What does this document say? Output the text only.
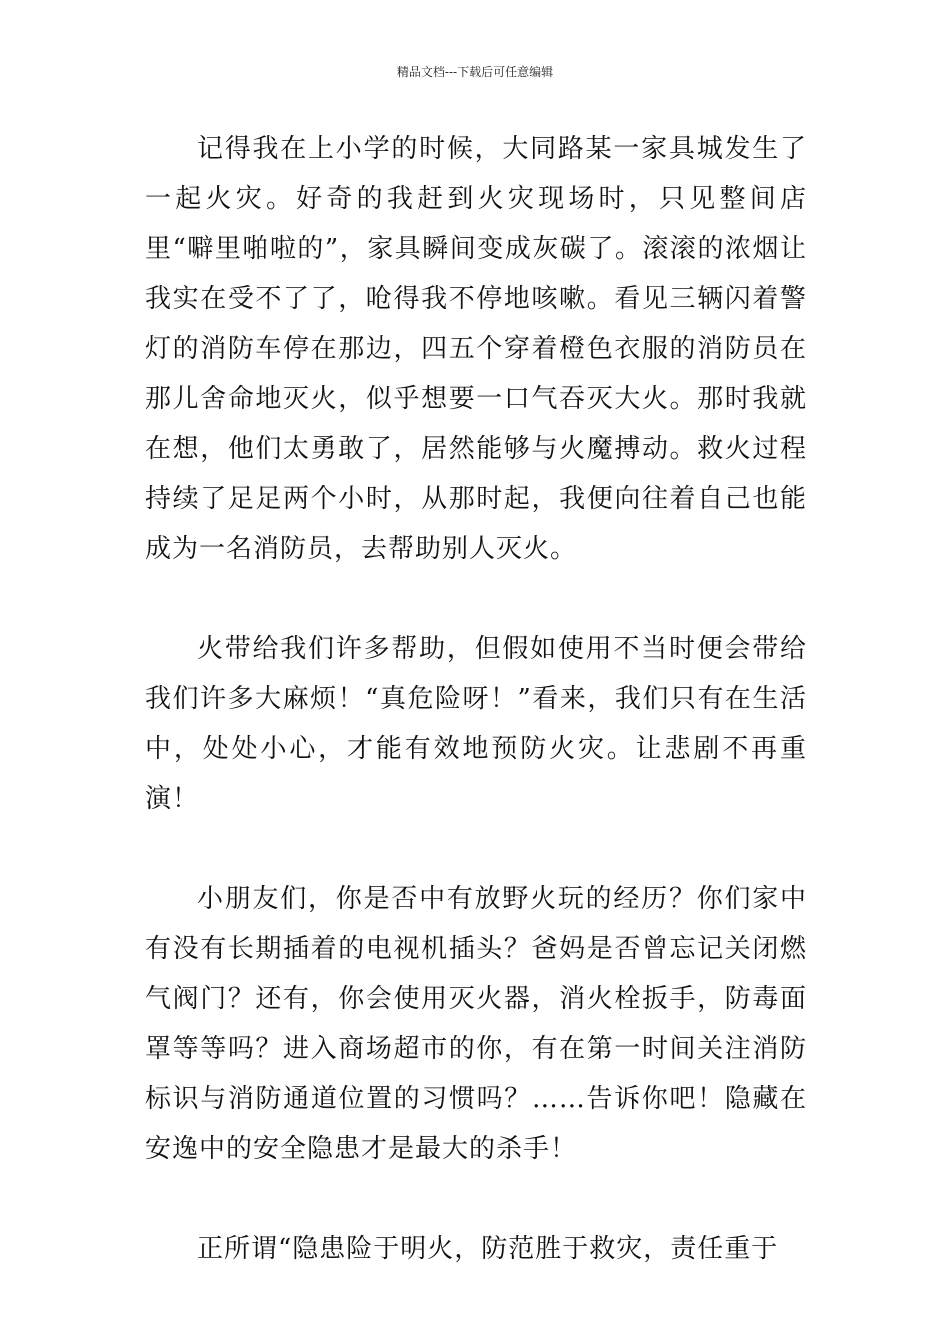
精品文档---下载后可任意编辑

记得我在上小学的时候，大同路某一家具城发生了一起火灾。好奇的我赶到火灾现场时，只见整间店里“噼里啪啦的”，家具瞬间变成灰碳了。滚滚的浓烟让我实在受不了了，呛得我不停地咳嗽。看见三辆闪着警灯的消防车停在那边，四五个穿着橙色衣服的消防员在那儿舍命地灭火，似乎想要一口气吞灭大火。那时我就在想，他们太勇敢了，居然能够与火魔搏动。救火过程持续了足足两个小时，从那时起，我便向往着自己也能成为一名消防员，去帮助别人灭火。

火带给我们许多帮助，但假如使用不当时便会带给我们许多大麻烦！“真危险呀！”看来，我们只有在生活中，处处小心，才能有效地预防火灾。让悲剧不再重演！

小朋友们，你是否中有放野火玩的经历？你们家中有没有长期插着的电视机插头？爸妈是否曾忘记关闭燃气阀门？还有，你会使用灭火器，消火栓扳手，防毒面罩等等吗？进入商场超市的你，有在第一时间关注消防标识与消防通道位置的习惯吗？……告诉你吧！隐藏在安逸中的安全隐患才是最大的杀手！

正所谓“隐患险于明火，防范胜于救灾，责任重于
